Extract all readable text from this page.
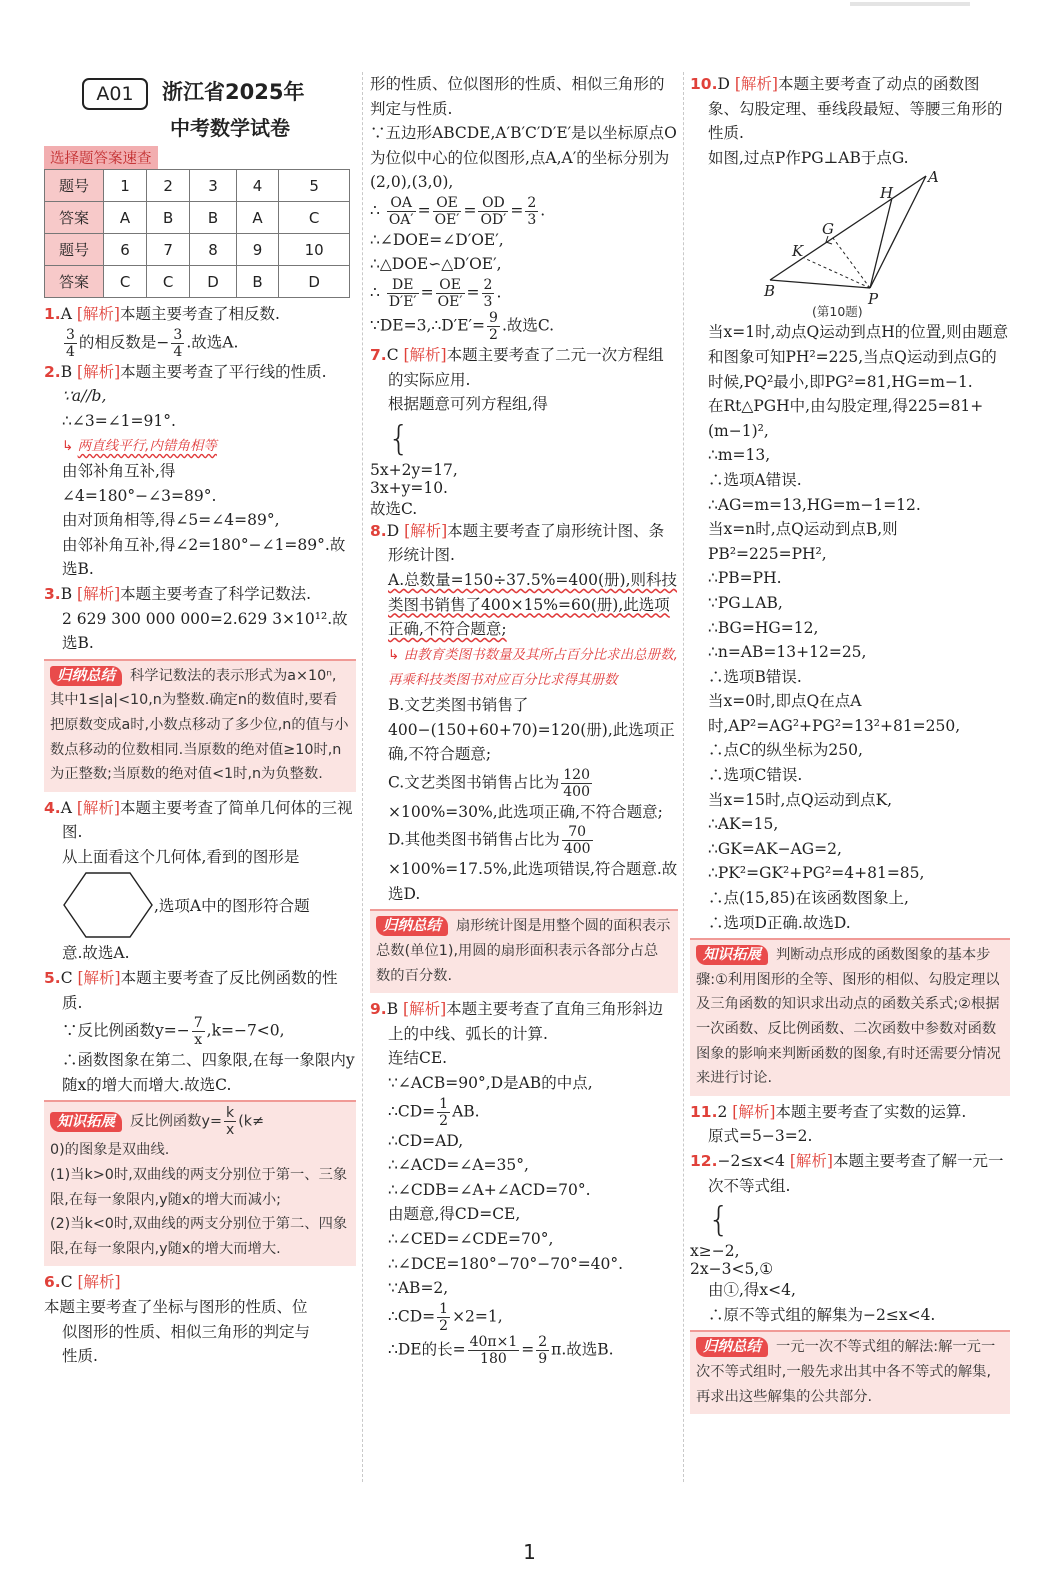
A01	浙江省2025年
中考数学试卷
选择题答案速查
题号	1	2	3	4	5
答案	A	B	B	A	C
题号	6	7	8	9	10
答案	C	C	D	B	D

1.A [解析]本题主要考查了相反数.

$\frac{3}{4}$ 的相反数是− $\frac{3}{4}$ .故选A.

2.B [解析]本题主要考查了平行线的性质.

∵a//b,

∴∠3=∠1=91°.

↳ 两直线平行,内错角相等

由邻补角互补,得

∠4=180°−∠3=89°.

由对顶角相等,得∠5=∠4=89°,

由邻补角互补,得∠2=180°−∠1=89°.故选B.

3.B [解析]本题主要考查了科学记数法.

2 629 300 000 000=2.629 3×10¹².故选B.

归纳总结 科学记数法的表示形式为a×10ⁿ,其中1≤|a|<10,n为整数.确定n的数值时,要看把原数变成a时,小数点移动了多少位,n的值与小数点移动的位数相同.当原数的绝对值≥10时,n为正整数;当原数的绝对值<1时,n为负整数.

4.A [解析]本题主要考查了简单几何体的三视图.

从上面看这个几何体,看到的图形是

,选项A中的图形符合题

意.故选A.

5.C [解析]本题主要考查了反比例函数的性质.

∵反比例函数$y=- \frac{7}{x} ,k=-7<0$,

∴函数图象在第二、四象限,在每一象限内y随x的增大而增大.故选C.

知识拓展 反比例函数$y= \frac{k}{x} (k\ne$
0)的图象是双曲线.
(1)当k>0时,双曲线的两支分别位于第一、三象限,在每一象限内,y随x的增大而减小;
(2)当k<0时,双曲线的两支分别位于第二、四象限,在每一象限内,y随x的增大而增大.

6.C [解析]本题主要考查了坐标与图形的性质、位似图形的性质、相似三角形的判定与性质.

形的性质、位似图形的性质、相似三角形的判定与性质.

∵五边形ABCDE,A′B′C′D′E′是以坐标原点O为位似中心的位似图形,点A,A′的坐标分别为(2,0),(3,0),

∴ $\frac{OA}{OA'} = \frac{OE}{OE'} = \frac{OD}{OD'} = \frac{2}{3}$ .

∴∠DOE=∠D′OE′,

∴△DOE∽△D′OE′,

∴ $\frac{DE}{D'E'} = \frac{OE}{OE'} = \frac{2}{3}$ .

∵DE=3,∴D′E′= $\frac{9}{2}$ .故选C.

7.C [解析]本题主要考查了二元一次方程组的实际应用.

根据题意可列方程组,得

{

5x+2y=17,
3x+y=10.
故选C.

8.D [解析]本题主要考查了扇形统计图、条形统计图.

A.总数量=150÷37.5%=400(册),则科技类图书销售了400×15%=60(册),此选项正确,不符合题意;

↳ 由教育类图书数量及其所占百分比求出总册数,再乘科技类图书对应百分比求得其册数

B.文艺类图书销售了400−(150+60+70)=120(册),此选项正确,不符合题意;

C.文艺类图书销售占比为 $\frac{120}{400}$
×100%=30%,此选项正确,不符合题意;

D.其他类图书销售占比为 $\frac{70}{400}$
×100%=17.5%,此选项错误,符合题意.故选D.

归纳总结 扇形统计图是用整个圆的面积表示总数(单位1),用圆的扇形面积表示各部分占总数的百分数.

9.B [解析]本题主要考查了直角三角形斜边上的中线、弧长的计算.

连结CE.

∵∠ACB=90°,D是AB的中点,

∴CD= $\frac{1}{2}$ AB.

∴CD=AD,

∴∠ACD=∠A=35°,

∴∠CDB=∠A+∠ACD=70°.

由题意,得CD=CE,

∴∠CED=∠CDE=70°,

∴∠DCE=180°−70°−70°=40°.

∵AB=2,

∴CD= $\frac{1}{2} \times 2=1$,

∴DE的长= $\frac{40\pi\times 1}{180} = \frac{2}{9} \pi$.故选B.

10.D [解析]本题主要考查了动点的函数图象、勾股定理、垂线段最短、等腰三角形的性质.

如图,过点P作PG⊥AB于点G.

A
H
G
K
B	P
(第10题)

当x=1时,动点Q运动到点H的位置,则由题意和图象可知PH²=225,当点Q运动到点G的时候,PQ²最小,即PG²=81,HG=m−1.

在Rt△PGH中,由勾股定理,得225=81+(m−1)²,

∴m=13,

∴选项A错误.

∴AG=m=13,HG=m−1=12.

当x=n时,点Q运动到点B,则PB²=225=PH²,

∴PB=PH.

∵PG⊥AB,

∴BG=HG=12,

∴n=AB=13+12=25,

∴选项B错误.

当x=0时,即点Q在点A时,AP²=AG²+PG²=13²+81=250,

∴点C的纵坐标为250,

∴选项C错误.

当x=15时,点Q运动到点K,

∴AK=15,

∴GK=AK−AG=2,

∴PK²=GK²+PG²=4+81=85,

∴点(15,85)在该函数图象上,

∴选项D正确.故选D.

知识拓展 判断动点形成的函数图象的基本步骤:①利用图形的全等、图形的相似、勾股定理以及三角函数的知识求出动点的函数关系式;②根据一次函数、反比例函数、二次函数中参数对函数图象的影响来判断函数的图象,有时还需要分情况来进行讨论.

11.2 [解析]本题主要考查了实数的运算.

原式=5−3=2.

12.−2≤x<4 [解析]本题主要考查了解一元一次不等式组.

{

x≥−2,
2x−3<5,①

由①,得x<4,

∴原不等式组的解集为−2≤x<4.

归纳总结 一元一次不等式组的解法:解一元一次不等式组时,一般先求出其中各不等式的解集,再求出这些解集的公共部分.
1
